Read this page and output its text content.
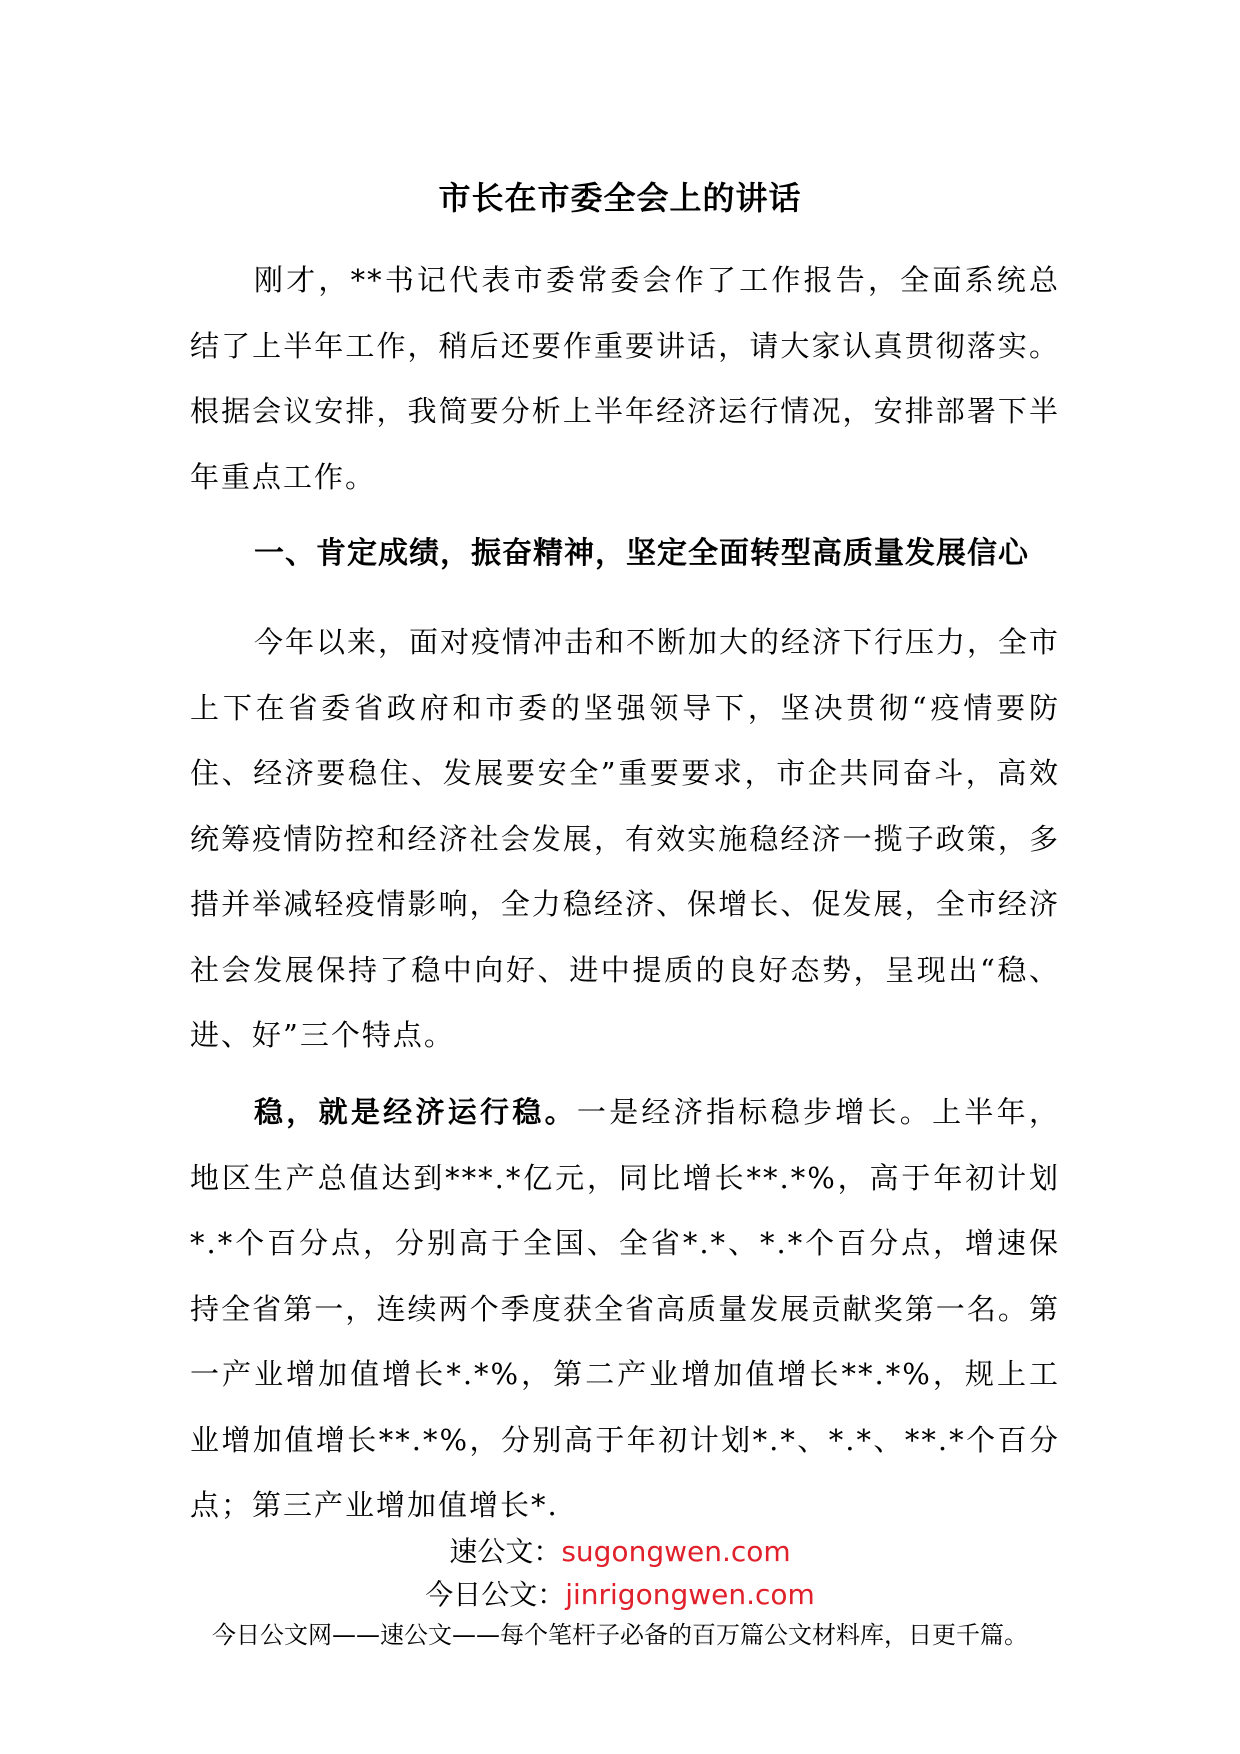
市长在市委全会上的讲话
刚才，**书记代表市委常委会作了工作报告，全面系统总结了上半年工作，稍后还要作重要讲话，请大家认真贯彻落实。根据会议安排，我简要分析上半年经济运行情况，安排部署下半年重点工作。
一、肯定成绩，振奋精神，坚定全面转型高质量发展信心
今年以来，面对疫情冲击和不断加大的经济下行压力，全市上下在省委省政府和市委的坚强领导下，坚决贯彻“疫情要防住、经济要稳住、发展要安全”重要要求，市企共同奋斗，高效统筹疫情防控和经济社会发展，有效实施稳经济一揽子政策，多措并举减轻疫情影响，全力稳经济、保增长、促发展，全市经济社会发展保持了稳中向好、进中提质的良好态势，呈现出“稳、进、好”三个特点。
稳，就是经济运行稳。一是经济指标稳步增长。上半年，地区生产总值达到***.*亿元，同比增长**.*%，高于年初计划*.*个百分点，分别高于全国、全省*.*、*.*个百分点，增速保持全省第一，连续两个季度获全省高质量发展贡献奖第一名。第一产业增加值增长*.*%，第二产业增加值增长**.*%，规上工业增加值增长**.*%，分别高于年初计划*.*、*.*、**.*个百分点；第三产业增加值增长*.
速公文：sugongwen.com
今日公文：jinrigongwen.com
今日公文网——速公文——每个笔杆子必备的百万篇公文材料库，日更千篇。
